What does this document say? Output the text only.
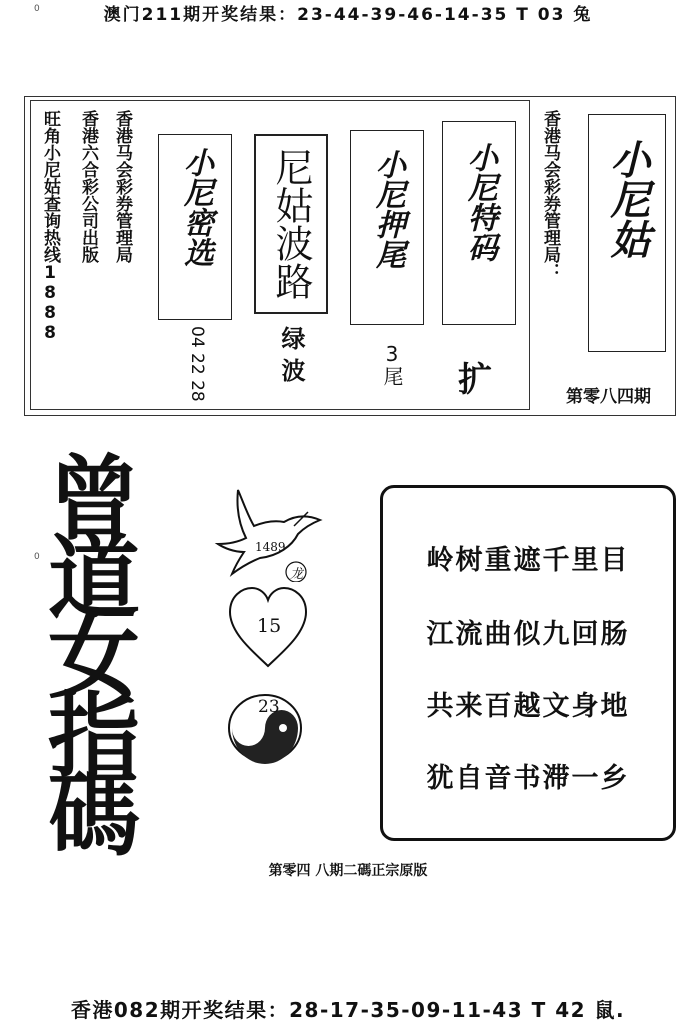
0	澳门211期开奖结果：23-44-39-46-14-35 T 03 兔
小尼姑
第零八四期
香港马会彩券管理局：
小尼特码
扩
小尼押尾
3尾
尼姑波路
绿波
小尼密选
04 22 28
香港马会彩券管理局
香港六合彩公司出版
旺角小尼姑查询热线1888
0
曾
道
女
指
碼
1489
龙
15
23
岭树重遮千里目
江流曲似九回肠
共来百越文身地
犹自音书滞一乡
第零四 八期二碼正宗原版
香港082期开奖结果：28-17-35-09-11-43 T 42 鼠.
